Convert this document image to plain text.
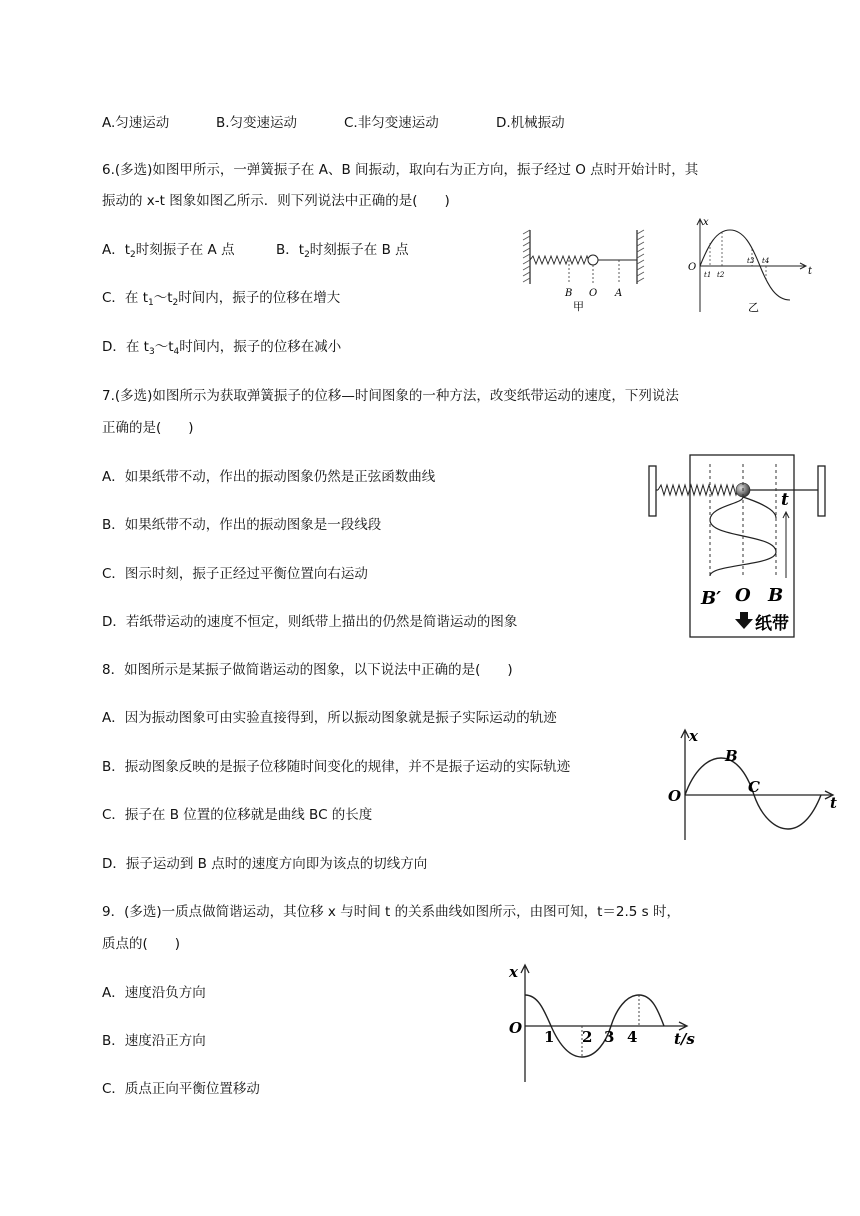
A.匀速运动	B.匀变速运动	C.非匀变速运动	D.机械振动
6.(多选)如图甲所示，一弹簧振子在 A、B 间振动，取向右为正方向，振子经过 O 点时开始计时，其
振动的 x-t 图象如图乙所示．则下列说法中正确的是(　　)
A．$t_2$时刻振子在 A 点	B．$t_2$时刻振子在 B 点
C．在 $t_1\sim t_2$时间内，振子的位移在增大
D．在 $t_3\sim t_4$时间内，振子的位移在减小
B O A
甲
x
O	t
t1 t2
t3 t4
乙
7.(多选)如图所示为获取弹簧振子的位移—时间图象的一种方法，改变纸带运动的速度，下列说法
正确的是(　　)
A．如果纸带不动，作出的振动图象仍然是正弦函数曲线
B．如果纸带不动，作出的振动图象是一段线段
C．图示时刻，振子正经过平衡位置向右运动
D．若纸带运动的速度不恒定，则纸带上描出的仍然是简谐运动的图象
t
B′ O B
纸带
8．如图所示是某振子做简谐运动的图象，以下说法中正确的是(　　)
A．因为振动图象可由实验直接得到，所以振动图象就是振子实际运动的轨迹
B．振动图象反映的是振子位移随时间变化的规律，并不是振子运动的实际轨迹
C．振子在 B 位置的位移就是曲线 BC 的长度
D．振子运动到 B 点时的速度方向即为该点的切线方向
x
O	t
B
C
9．(多选)一质点做简谐运动，其位移 x 与时间 t 的关系曲线如图所示，由图可知，t＝2.5 s 时，
质点的(　　)
A．速度沿负方向
B．速度沿正方向
C．质点正向平衡位置移动
x
O 1 2 3 4 t/s
